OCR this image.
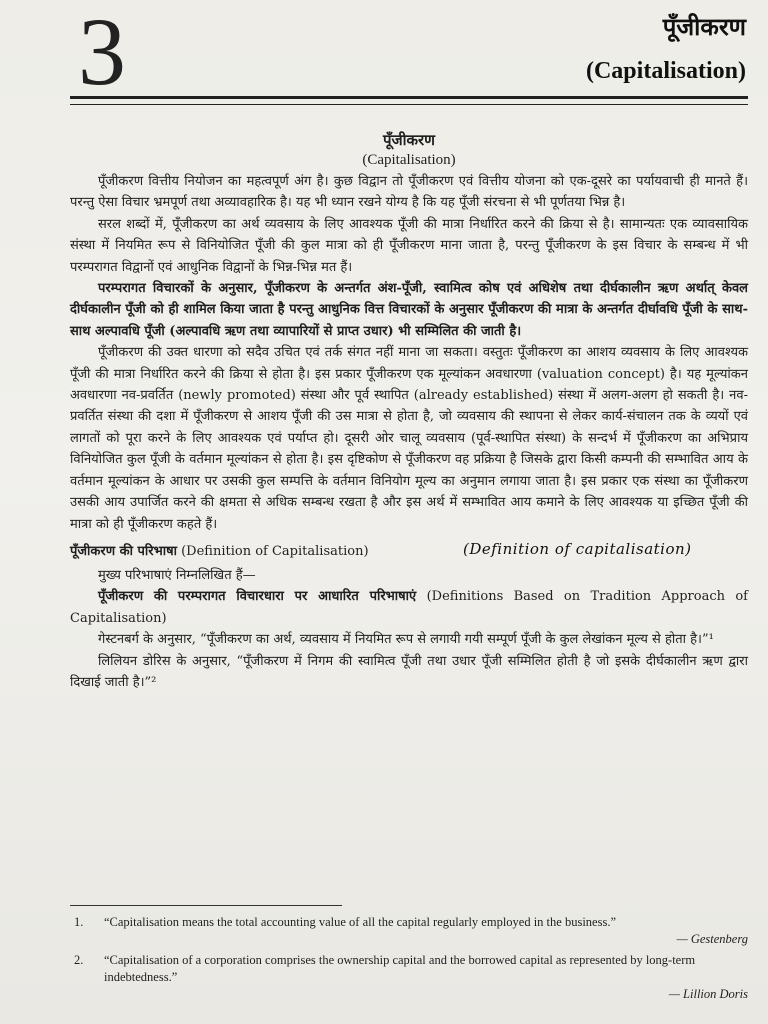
3	पूँजीकरण
(Capitalisation)
पूँजीकरण
(Capitalisation)

पूँजीकरण वित्तीय नियोजन का महत्वपूर्ण अंग है। कुछ विद्वान तो पूँजीकरण एवं वित्तीय योजना को एक-दूसरे का पर्यायवाची ही मानते हैं। परन्तु ऐसा विचार भ्रमपूर्ण तथा अव्यावहारिक है। यह भी ध्यान रखने योग्य है कि यह पूँजी संरचना से भी पूर्णतया भिन्न है।

सरल शब्दों में, पूँजीकरण का अर्थ व्यवसाय के लिए आवश्यक पूँजी की मात्रा निर्धारित करने की क्रिया से है। सामान्यतः एक व्यावसायिक संस्था में नियमित रूप से विनियोजित पूँजी की कुल मात्रा को ही पूँजीकरण माना जाता है, परन्तु पूँजीकरण के इस विचार के सम्बन्ध में भी परम्परागत विद्वानों एवं आधुनिक विद्वानों के भिन्न-भिन्न मत हैं।

परम्परागत विचारकों के अनुसार, पूँजीकरण के अन्तर्गत अंश-पूँजी, स्वामित्व कोष एवं अधिशेष तथा दीर्घकालीन ऋण अर्थात् केवल दीर्घकालीन पूँजी को ही शामिल किया जाता है परन्तु आधुनिक वित्त विचारकों के अनुसार पूँजीकरण की मात्रा के अन्तर्गत दीर्घावधि पूँजी के साथ-साथ अल्पावधि पूँजी (अल्पावधि ऋण तथा व्यापारियों से प्राप्त उधार) भी सम्मिलित की जाती है।

पूँजीकरण की उक्त धारणा को सदैव उचित एवं तर्क संगत नहीं माना जा सकता। वस्तुतः पूँजीकरण का आशय व्यवसाय के लिए आवश्यक पूँजी की मात्रा निर्धारित करने की क्रिया से होता है। इस प्रकार पूँजीकरण एक मूल्यांकन अवधारणा (valuation concept) है। यह मूल्यांकन अवधारणा नव-प्रवर्तित (newly promoted) संस्था और पूर्व स्थापित (already established) संस्था में अलग-अलग हो सकती है। नव-प्रवर्तित संस्था की दशा में पूँजीकरण से आशय पूँजी की उस मात्रा से होता है, जो व्यवसाय की स्थापना से लेकर कार्य-संचालन तक के व्ययों एवं लागतों को पूरा करने के लिए आवश्यक एवं पर्याप्त हो। दूसरी ओर चालू व्यवसाय (पूर्व-स्थापित संस्था) के सन्दर्भ में पूँजीकरण का अभिप्राय विनियोजित कुल पूँजी के वर्तमान मूल्यांकन से होता है। इस दृष्टिकोण से पूँजीकरण वह प्रक्रिया है जिसके द्वारा किसी कम्पनी की सम्भावित आय के वर्तमान मूल्यांकन के आधार पर उसकी कुल सम्पत्ति के वर्तमान विनियोग मूल्य का अनुमान लगाया जाता है। इस प्रकार एक संस्था का पूँजीकरण उसकी आय उपार्जित करने की क्षमता से अधिक सम्बन्ध रखता है और इस अर्थ में सम्भावित आय कमाने के लिए आवश्यक या इच्छित पूँजी की मात्रा को ही पूँजीकरण कहते हैं।

पूँजीकरण की परिभाषा (Definition of Capitalisation)	(Definition of capitalisation)

मुख्य परिभाषाएं निम्नलिखित हैं—

पूँजीकरण की परम्परागत विचारधारा पर आधारित परिभाषाएं (Definitions Based on Tradition Approach of Capitalisation)

गेस्टनबर्ग के अनुसार, “पूँजीकरण का अर्थ, व्यवसाय में नियमित रूप से लगायी गयी सम्पूर्ण पूँजी के कुल लेखांकन मूल्य से होता है।”¹

लिलियन डोरिस के अनुसार, “पूँजीकरण में निगम की स्वामित्व पूँजी तथा उधार पूँजी सम्मिलित होती है जो इसके दीर्घकालीन ऋण द्वारा दिखाई जाती है।”²

1. “Capitalisation means the total accounting value of all the capital regularly employed in the business.”
— Gestenberg
2. “Capitalisation of a corporation comprises the ownership capital and the borrowed capital as represented by long-term indebtedness.”
— Lillion Doris
